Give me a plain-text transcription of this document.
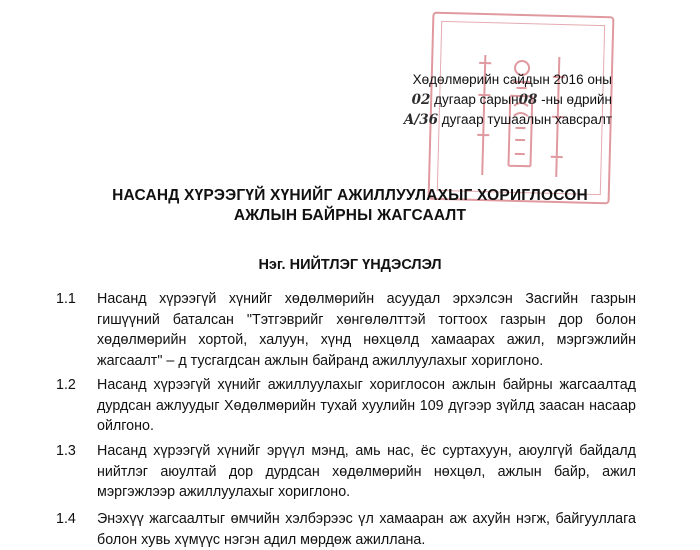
Хөдөлмөрийн сайдын 2016 оны
02 дугаар сарын08 -ны өдрийн
A/36 дугаар тушаалын хавсралт
НАСАНД ХҮРЭЭГҮЙ ХҮНИЙГ АЖИЛЛУУЛАХЫГ ХОРИГЛОСОН
АЖЛЫН БАЙРНЫ ЖАГСААЛТ
Нэг. НИЙТЛЭГ ҮНДЭСЛЭЛ
1.1	Насанд хүрээгүй хүнийг хөдөлмөрийн асуудал эрхэлсэн Засгийн газрын
гишүүний баталсан "Тэтгэврийг хөнгөлөлттэй тогтоох газрын дор болон
хөдөлмөрийн хортой, халуун, хүнд нөхцөлд хамаарах ажил, мэргэжлийн
жагсаалт" – д тусгагдсан ажлын байранд ажиллуулахыг хориглоно.
1.2	Насанд хүрээгүй хүнийг ажиллуулахыг хориглосон ажлын байрны жагсаалтад
дурдсан ажлуудыг Хөдөлмөрийн тухай хуулийн 109 дүгээр зүйлд заасан насаар
ойлгоно.
1.3	Насанд хүрээгүй хүнийг эрүүл мэнд, амь нас, ёс суртахуун, аюулгүй байдалд
нийтлэг аюултай дор дурдсан хөдөлмөрийн нөхцөл, ажлын байр, ажил
мэргэжлээр ажиллуулахыг хориглоно.
1.4	Энэхүү жагсаалтыг өмчийн хэлбэрээс үл хамааран аж ахуйн нэгж, байгууллага
болон хувь хүмүүс нэгэн адил мөрдөж ажиллана.
